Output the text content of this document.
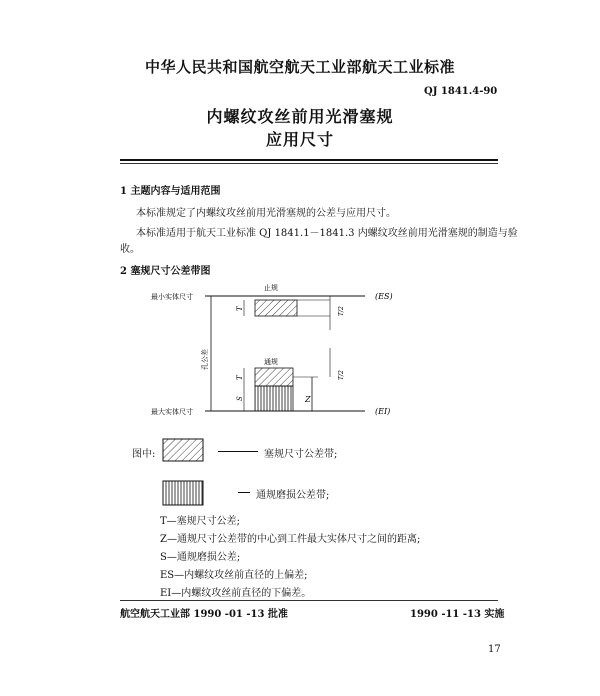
中华人民共和国航空航天工业部航天工业标准
QJ 1841.4-90
内螺纹攻丝前用光滑塞规
应用尺寸
1 主题内容与适用范围
本标准规定了内螺纹攻丝前用光滑塞规的公差与应用尺寸。
本标准适用于航天工业标准 QJ 1841.1－1841.3 内螺纹攻丝前用光滑塞规的制造与验
收。
2 塞规尺寸公差带图
最小实体尺寸
最大实体尺寸
(ES)
(EI)
孔公差
止规
T	T/2
通规
T
S	Z
T/2
图中:	塞规尺寸公差带;
通规磨损公差带;
T—塞规尺寸公差;
Z—通规尺寸公差带的中心到工件最大实体尺寸之间的距离;
S—通规磨损公差;
ES—内螺纹攻丝前直径的上偏差;
EI—内螺纹攻丝前直径的下偏差。
航空航天工业部 1990 -01 -13 批准	1990 -11 -13 实施
17
